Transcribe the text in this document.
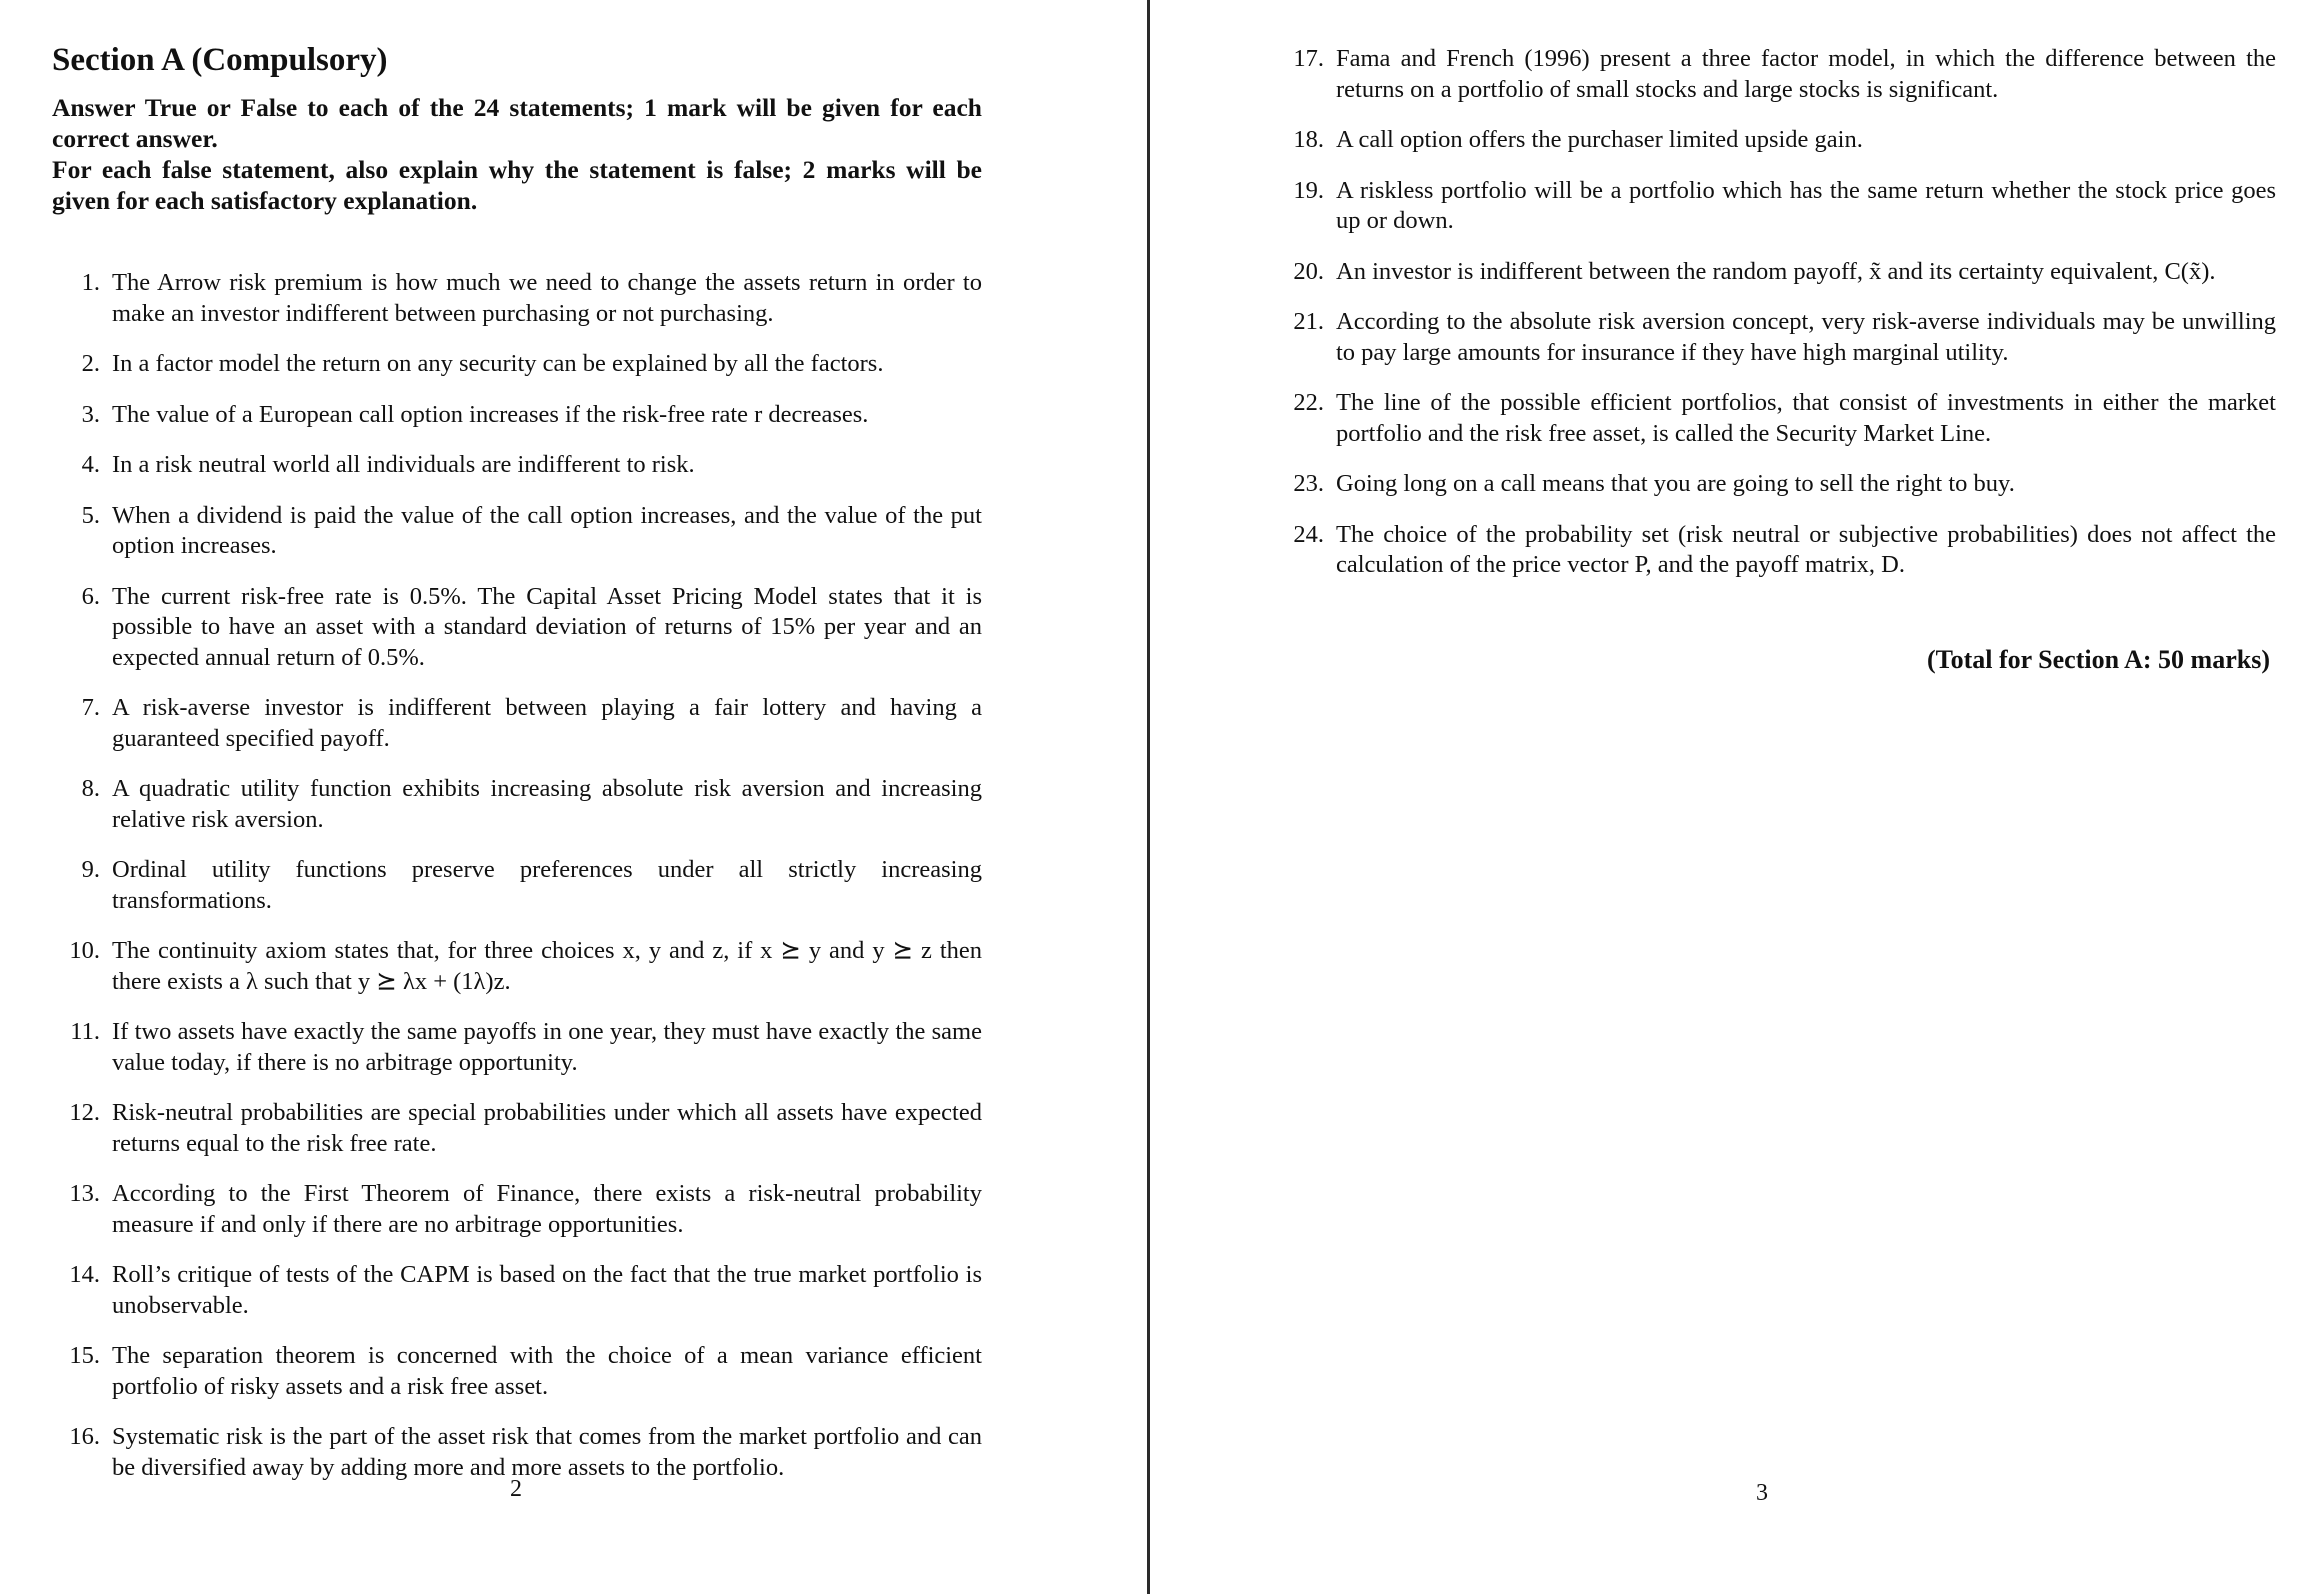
Section A (Compulsory)

Answer True or False to each of the 24 statements; 1 mark will be given for each correct answer.

For each false statement, also explain why the statement is false; 2 marks will be given for each satisfactory explanation.

1. The Arrow risk premium is how much we need to change the assets return in order to make an investor indifferent between purchasing or not purchasing.
2. In a factor model the return on any security can be explained by all the factors.
3. The value of a European call option increases if the risk-free rate r decreases.
4. In a risk neutral world all individuals are indifferent to risk.
5. When a dividend is paid the value of the call option increases, and the value of the put option increases.
6. The current risk-free rate is 0.5%. The Capital Asset Pricing Model states that it is possible to have an asset with a standard deviation of returns of 15% per year and an expected annual return of 0.5%.
7. A risk-averse investor is indifferent between playing a fair lottery and having a guaranteed specified payoff.
8. A quadratic utility function exhibits increasing absolute risk aversion and increasing relative risk aversion.
9. Ordinal utility functions preserve preferences under all strictly increasing transformations.
10. The continuity axiom states that, for three choices x, y and z, if x ⪰ y and y ⪰ z then there exists a λ such that y ⪰ λx + (1λ)z.
11. If two assets have exactly the same payoffs in one year, they must have exactly the same value today, if there is no arbitrage opportunity.
12. Risk-neutral probabilities are special probabilities under which all assets have expected returns equal to the risk free rate.
13. According to the First Theorem of Finance, there exists a risk-neutral probability measure if and only if there are no arbitrage opportunities.
14. Roll’s critique of tests of the CAPM is based on the fact that the true market portfolio is unobservable.
15. The separation theorem is concerned with the choice of a mean variance efficient portfolio of risky assets and a risk free asset.
16. Systematic risk is the part of the asset risk that comes from the market portfolio and can be diversified away by adding more and more assets to the portfolio.
2
17. Fama and French (1996) present a three factor model, in which the difference between the returns on a portfolio of small stocks and large stocks is significant.
18. A call option offers the purchaser limited upside gain.
19. A riskless portfolio will be a portfolio which has the same return whether the stock price goes up or down.
20. An investor is indifferent between the random payoff, x̃ and its certainty equivalent, C(x̃).
21. According to the absolute risk aversion concept, very risk-averse individuals may be unwilling to pay large amounts for insurance if they have high marginal utility.
22. The line of the possible efficient portfolios, that consist of investments in either the market portfolio and the risk free asset, is called the Security Market Line.
23. Going long on a call means that you are going to sell the right to buy.
24. The choice of the probability set (risk neutral or subjective probabilities) does not affect the calculation of the price vector P, and the payoff matrix, D.
(Total for Section A: 50 marks)
3
